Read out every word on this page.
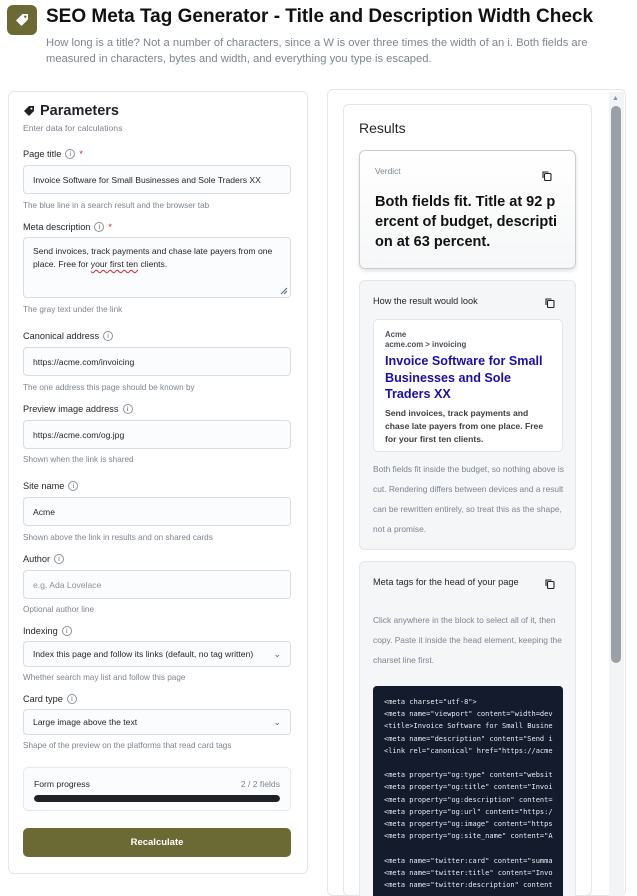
SEO Meta Tag Generator - Title and Description Width Check
How long is a title? Not a number of characters, since a W is over three times the width of an i. Both fields are measured in characters, bytes and width, and everything you type is escaped.
Parameters
Enter data for calculations
Page title	i *
Invoice Software for Small Businesses and Sole Traders XX
The blue line in a search result and the browser tab
Meta description	i *
Send invoices, track payments and chase late payers from one
place. Free for your first ten clients.
The gray text under the link
Canonical address	i
https://acme.com/invoicing
The one address this page should be known by
Preview image address	i
https://acme.com/og.jpg
Shown when the link is shared
Site name	i
Acme
Shown above the link in results and on shared cards
Author	i
e.g. Ada Lovelace
Optional author line
Indexing	i
Index this page and follow its links (default, no tag written) ⌄
Whether search may list and follow this page
Card type	i
Large image above the text	⌄
Shape of the preview on the platforms that read card tags
Form progress	2 / 2 fields
Recalculate
▲
Results
Verdict
Both fields fit. Title at 92 percent of budget, description at 63 percent.
How the result would look
Acme
acme.com > invoicing
Invoice Software for Small Businesses and Sole Traders XX
Send invoices, track payments and chase late payers from one place. Free for your first ten clients.
Both fields fit inside the budget, so nothing above is cut. Rendering differs between devices and a result can be rewritten entirely, so treat this as the shape, not a promise.
Meta tags for the head of your page
Click anywhere in the block to select all of it, then copy. Paste it inside the head element, keeping the charset line first.
<meta charset="utf-8">
<meta name="viewport" content="width=dev
<title>Invoice Software for Small Busine
<meta name="description" content="Send i
<link rel="canonical" href="https://acme
<meta property="og:type" content="websit
<meta property="og:title" content="Invoi
<meta property="og:description" content=
<meta property="og:url" content="https:/
<meta property="og:image" content="https
<meta property="og:site_name" content="A
<meta name="twitter:card" content="summa
<meta name="twitter:title" content="Invo
<meta name="twitter:description" content
